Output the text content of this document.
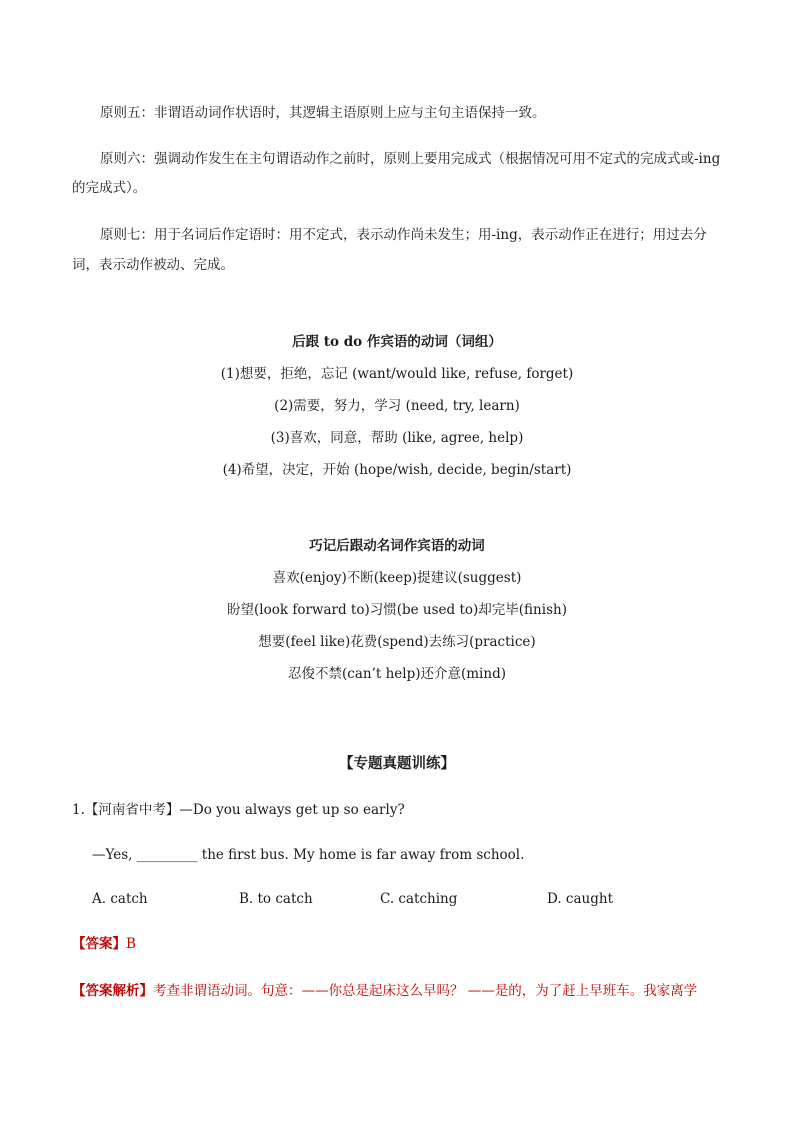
原则五：非谓语动词作状语时，其逻辑主语原则上应与主句主语保持一致。
原则六：强调动作发生在主句谓语动作之前时，原则上要用完成式（根据情况可用不定式的完成式或-ing
的完成式）。
原则七：用于名词后作定语时：用不定式，表示动作尚未发生；用-ing，表示动作正在进行；用过去分
词，表示动作被动、完成。
后跟 to do 作宾语的动词（词组）
(1)想要，拒绝，忘记 (want/would like, refuse, forget)
(2)需要，努力，学习 (need, try, learn)
(3)喜欢，同意，帮助 (like, agree, help)
(4)希望，决定，开始 (hope/wish, decide, begin/start)
巧记后跟动名词作宾语的动词
喜欢(enjoy)不断(keep)提建议(suggest)
盼望(look forward to)习惯(be used to)却完毕(finish)
想要(feel like)花费(spend)去练习(practice)
忍俊不禁(can’t help)还介意(mind)
【专题真题训练】
1.【河南省中考】—Do you always get up so early?
—Yes, _________ the first bus. My home is far away from school.
A. catch	B. to catch	C. catching	D. caught
【答案】B
【答案解析】考查非谓语动词。句意：——你总是起床这么早吗？ ——是的，为了赶上早班车。我家离学
